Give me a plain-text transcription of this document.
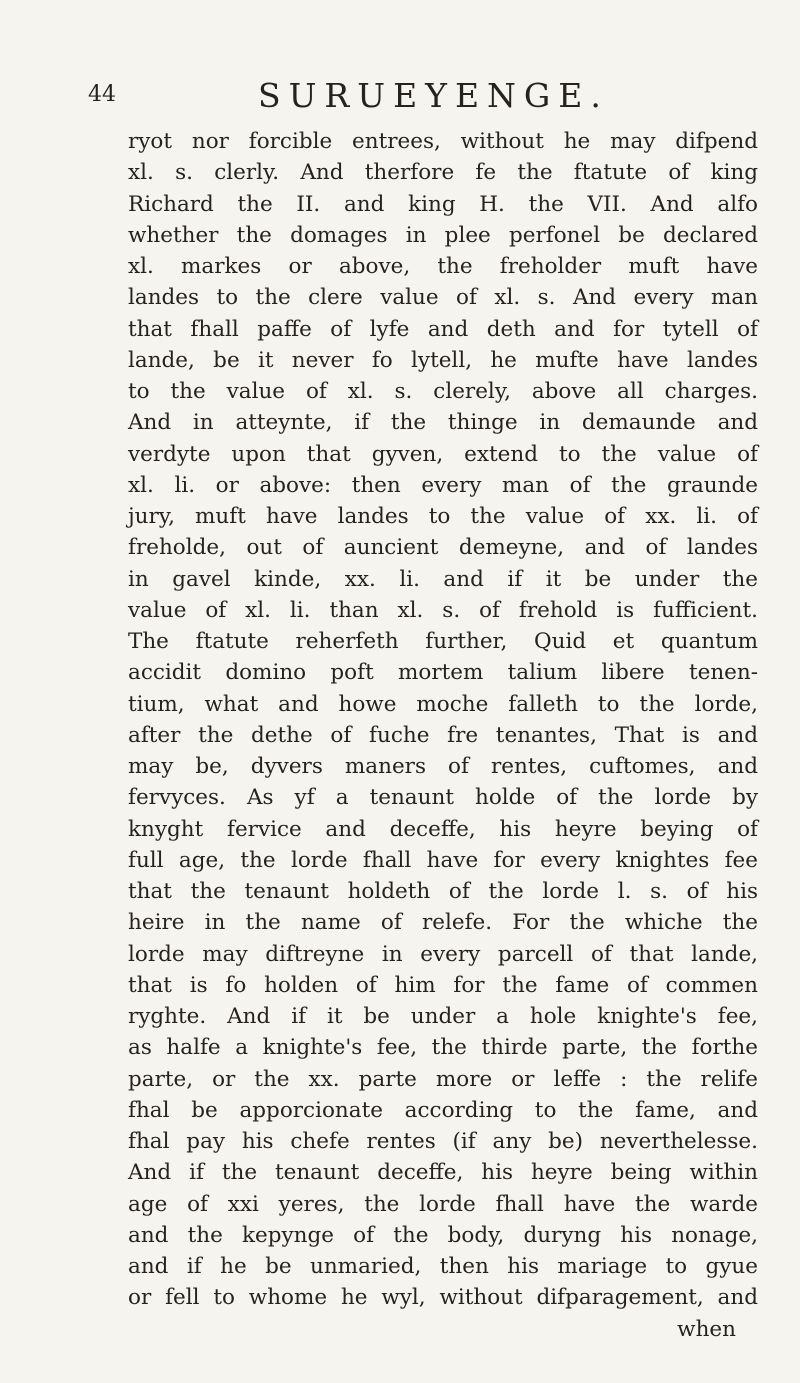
44	SURUEYENGE.
ryot nor forcible entrees, without he may difpend
xl. s. clerly. And therfore fe the ftatute of king
Richard the II. and king H. the VII. And alfo
whether the domages in plee perfonel be declared
xl. markes or above, the freholder muft have
landes to the clere value of xl. s. And every man
that fhall paffe of lyfe and deth and for tytell of
lande, be it never fo lytell, he mufte have landes
to the value of xl. s. clerely, above all charges.
And in atteynte, if the thinge in demaunde and
verdyte upon that gyven, extend to the value of
xl. li. or above: then every man of the graunde
jury, muft have landes to the value of xx. li. of
freholde, out of auncient demeyne, and of landes
in gavel kinde, xx. li. and if it be under the
value of xl. li. than xl. s. of frehold is fufficient.
The ftatute reherfeth further, Quid et quantum
accidit domino poft mortem talium libere tenen-
tium, what and howe moche falleth to the lorde,
after the dethe of fuche fre tenantes, That is and
may be, dyvers maners of rentes, cuftomes, and
fervyces. As yf a tenaunt holde of the lorde by
knyght fervice and deceffe, his heyre beying of
full age, the lorde fhall have for every knightes fee
that the tenaunt holdeth of the lorde l. s. of his
heire in the name of relefe. For the whiche the
lorde may diftreyne in every parcell of that lande,
that is fo holden of him for the fame of commen
ryghte. And if it be under a hole knighte's fee,
as halfe a knighte's fee, the thirde parte, the forthe
parte, or the xx. parte more or leffe : the relife
fhal be apporcionate according to the fame, and
fhal pay his chefe rentes (if any be) neverthelesse.
And if the tenaunt deceffe, his heyre being within
age of xxi yeres, the lorde fhall have the warde
and the kepynge of the body, duryng his nonage,
and if he be unmaried, then his mariage to gyue
or fell to whome he wyl, without difparagement, and
when
